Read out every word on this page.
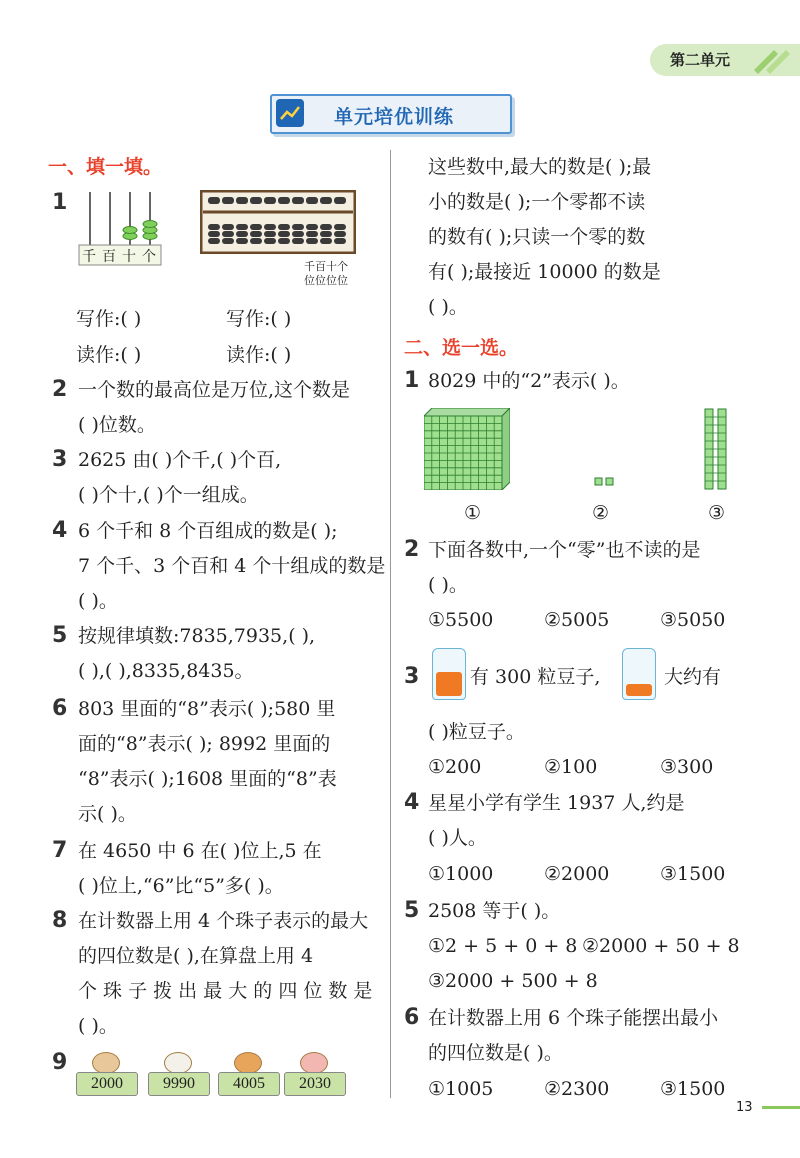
第二单元
单元培优训练
一、填一填。
1
千 百 十 个
千百十个
位位位位
写作:( )	写作:( )
读作:( )	读作:( )
2 一个数的最高位是万位,这个数是
( )位数。
3 2625 由( )个千,( )个百,
( )个十,( )个一组成。
4 6 个千和 8 个百组成的数是( );
7 个千、3 个百和 4 个十组成的数是
( )。
5 按规律填数:7835,7935,( ),
( ),( ),8335,8435。
6 803 里面的“8”表示( );580 里
面的“8”表示( ); 8992 里面的
“8”表示( );1608 里面的“8”表
示( )。
7 在 4650 中 6 在( )位上,5 在
( )位上,“6”比“5”多( )。
8 在计数器上用 4 个珠子表示的最大
的四位数是( ),在算盘上用 4
个 珠 子 拨 出 最 大 的 四 位 数 是
( )。
9
2000	9990	4005	2030
这些数中,最大的数是( );最
小的数是( );一个零都不读
的数有( );只读一个零的数
有( );最接近 10000 的数是
( )。
二、选一选。
1 8029 中的“2”表示( )。
①	②	③
2 下面各数中,一个“零”也不读的是
( )。
①5500	②5005	③5050
3	有 300 粒豆子,	大约有
( )粒豆子。
①200	②100	③300
4 星星小学有学生 1937 人,约是
( )人。
①1000	②2000	③1500
5 2508 等于( )。
①2 + 5 + 0 + 8 ②2000 + 50 + 8
③2000 + 500 + 8
6 在计数器上用 6 个珠子能摆出最小
的四位数是( )。
①1005	②2300	③1500
13
